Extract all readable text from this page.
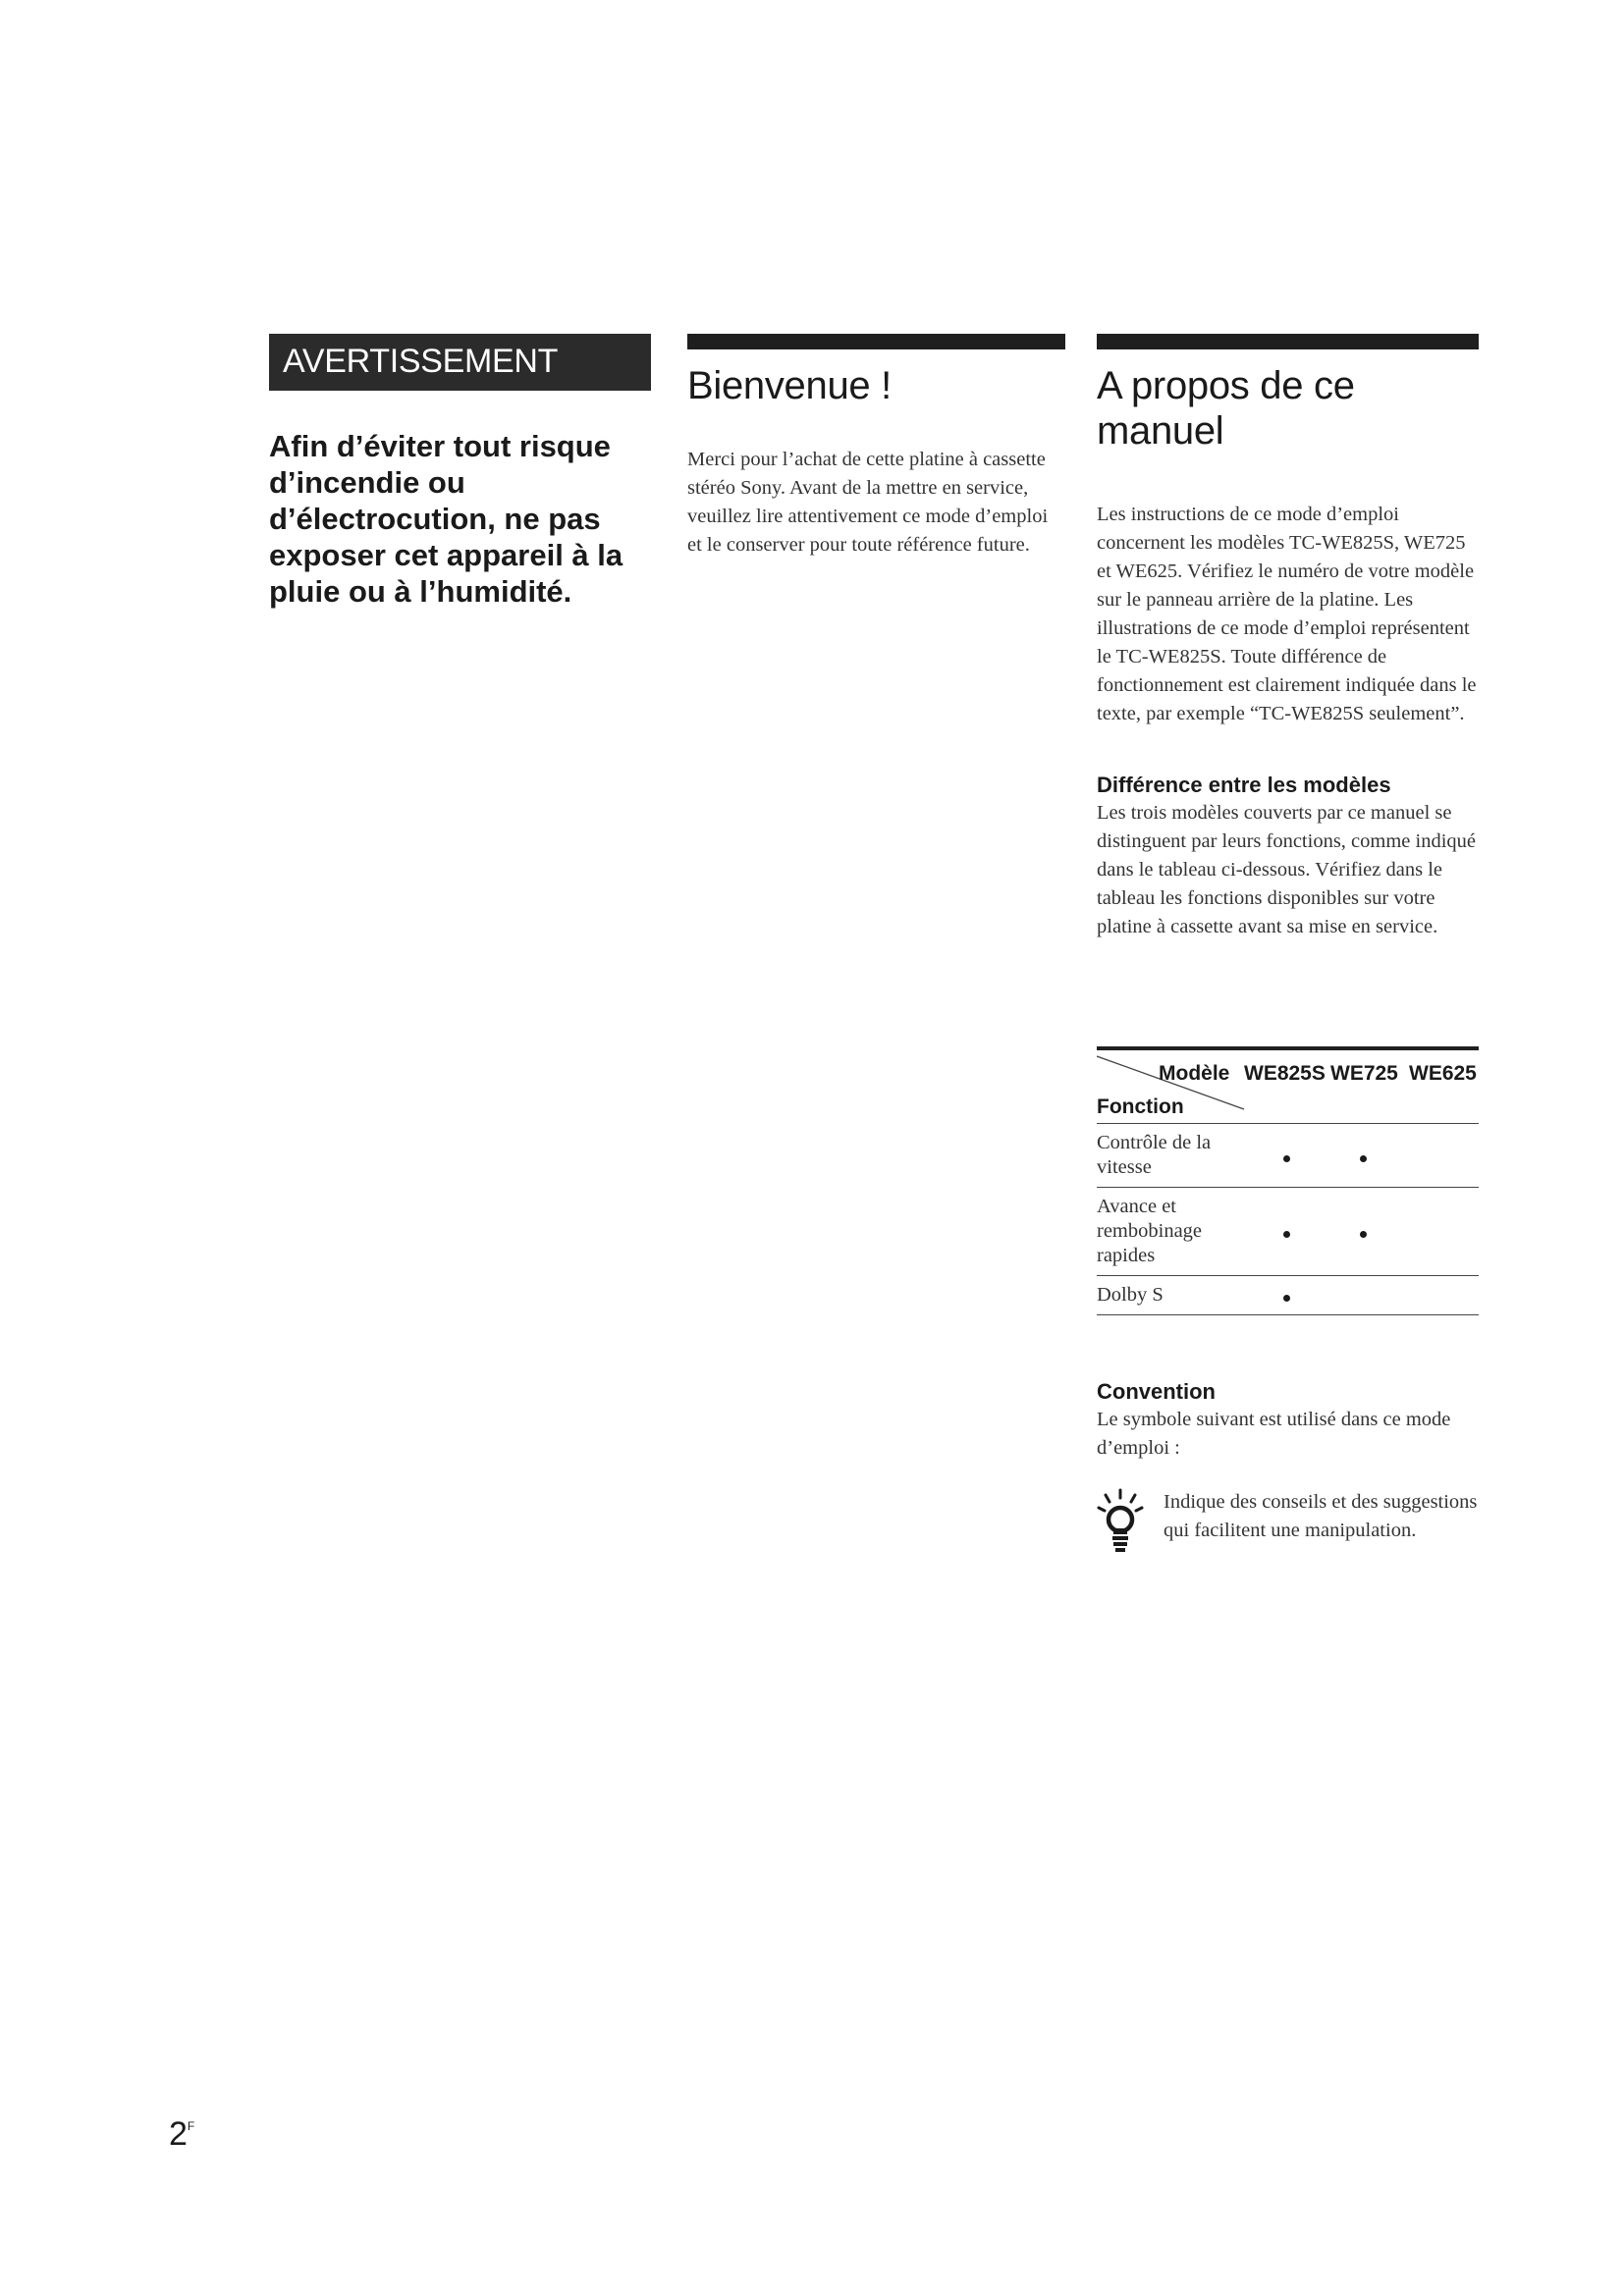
AVERTISSEMENT
Afin d’éviter tout risque d’incendie ou d’électrocution, ne pas exposer cet appareil à la pluie ou à l’humidité.
Bienvenue !
Merci pour l’achat de cette platine à cassette stéréo Sony. Avant de la mettre en service, veuillez lire attentivement ce mode d’emploi et le conserver pour toute référence future.
A propos de ce manuel
Les instructions de ce mode d’emploi concernent les modèles TC-WE825S, WE725 et WE625. Vérifiez le numéro de votre modèle sur le panneau arrière de la platine. Les illustrations de ce mode d’emploi représentent le TC-WE825S. Toute différence de fonctionnement est clairement indiquée dans le texte, par exemple “TC-WE825S seulement”.
Différence entre les modèles
Les trois modèles couverts par ce manuel se distinguent par leurs fonctions, comme indiqué dans le tableau ci-dessous. Vérifiez dans le tableau les fonctions disponibles sur votre platine à cassette avant sa mise en service.
Modèle WE825S WE725 WE625
Fonction
Contrôle de la vitesse
Avance et rembobinage rapides
Dolby S
Convention
Le symbole suivant est utilisé dans ce mode d’emploi :
Indique des conseils et des suggestions qui facilitent une manipulation.
$2^F$
